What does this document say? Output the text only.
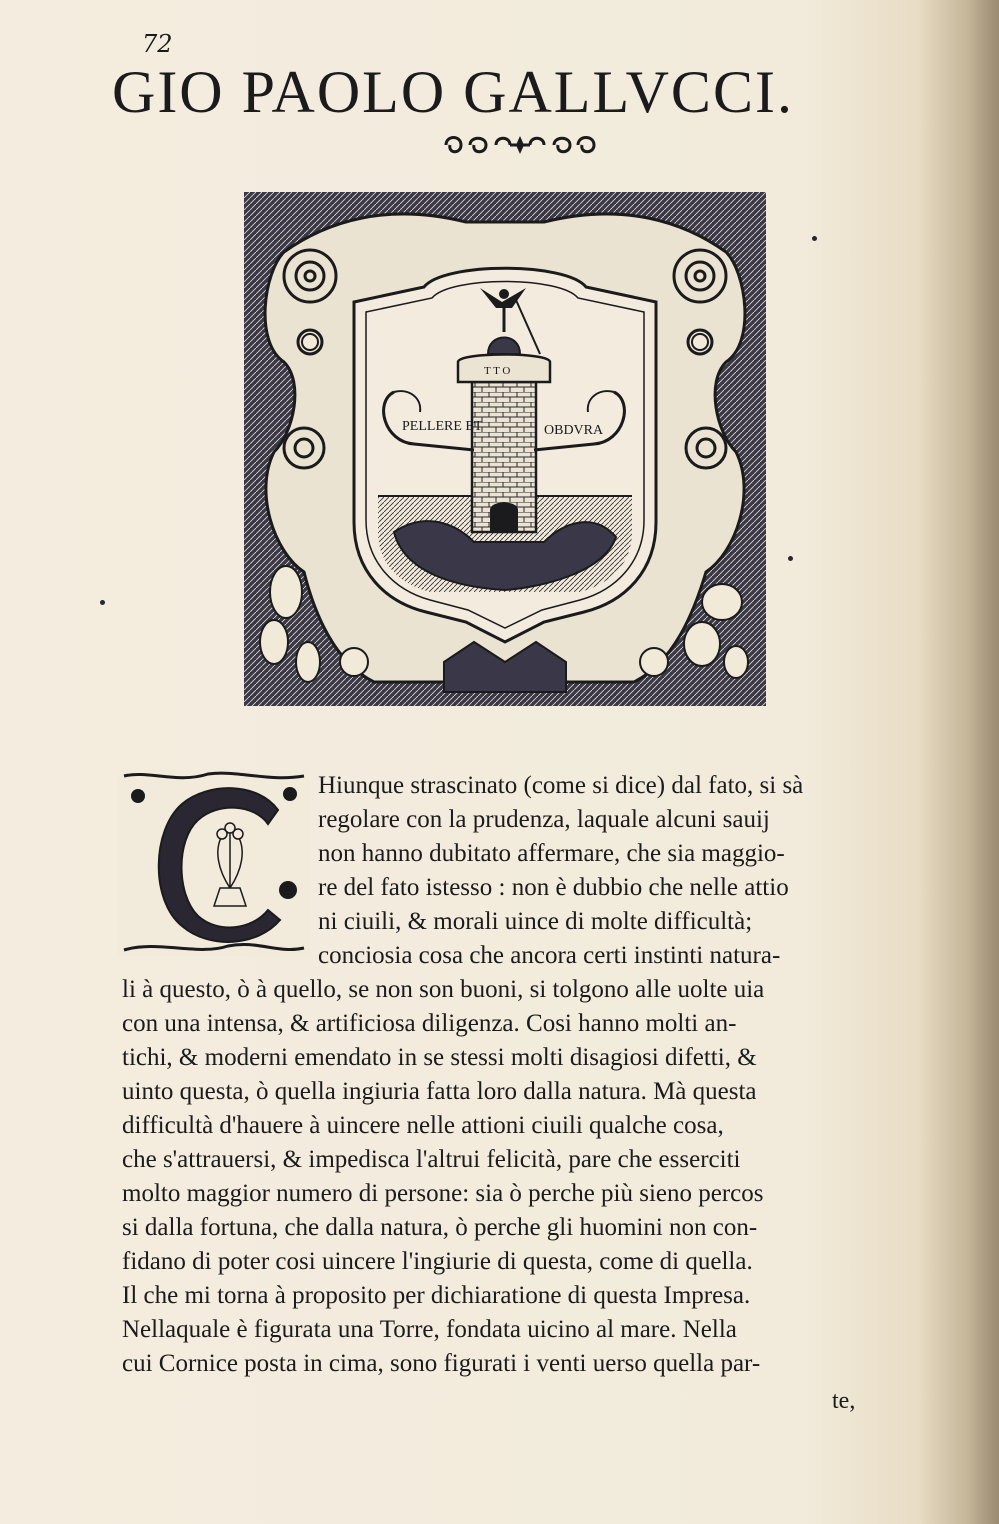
72
GIO PAOLO GALLVCCI.
PELLERE ET	OBDVRA
T T O
Hiunque strascinato (come si dice) dal fato, si sà
regolare con la prudenza, laquale alcuni sauij
non hanno dubitato affermare, che sia maggio-
re del fato istesso : non è dubbio che nelle attio
ni ciuili, & morali uince di molte difficultà;
conciosia cosa che ancora certi instinti natura-
li à questo, ò à quello, se non son buoni, si tolgono alle uolte uia
con una intensa, & artificiosa diligenza. Cosi hanno molti an-
tichi, & moderni emendato in se stessi molti disagiosi difetti, &
uinto questa, ò quella ingiuria fatta loro dalla natura. Mà questa
difficultà d'hauere à uincere nelle attioni ciuili qualche cosa,
che s'attrauersi, & impedisca l'altrui felicità, pare che esserciti
molto maggior numero di persone: sia ò perche più sieno percos
si dalla fortuna, che dalla natura, ò perche gli huomini non con-
fidano di poter cosi uincere l'ingiurie di questa, come di quella.
Il che mi torna à proposito per dichiaratione di questa Impresa.
Nellaquale è figurata una Torre, fondata uicino al mare. Nella
cui Cornice posta in cima, sono figurati i venti uerso quella par-
te,
